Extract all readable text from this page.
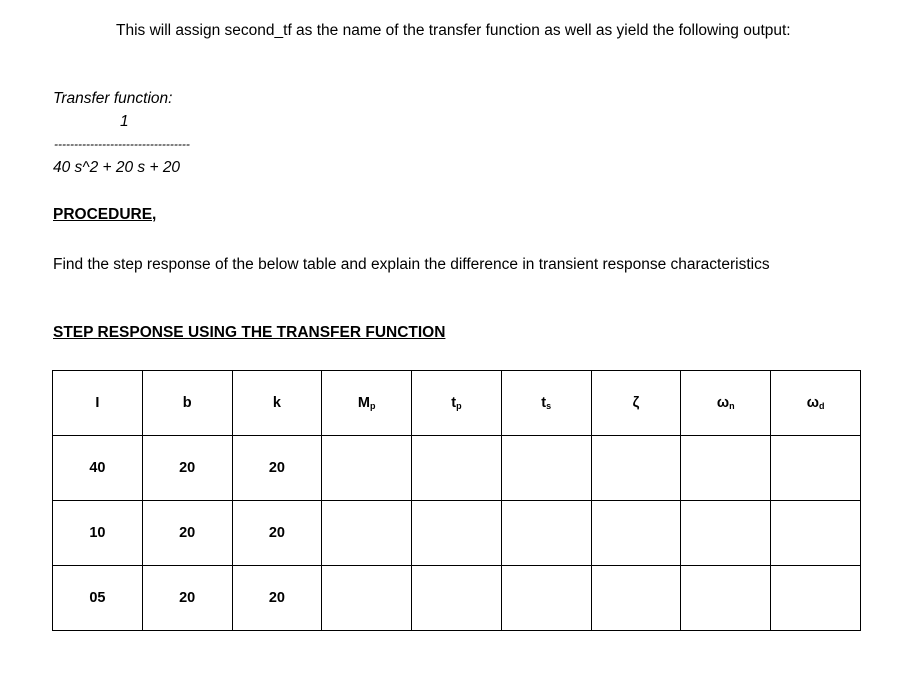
This will assign second_tf as the name of the transfer function as well as yield the following output:
Transfer function:
1
----------------------------------
40 s^2 + 20 s + 20
PROCEDURE,
Find the step response of the below table and explain the difference in transient response characteristics
STEP RESPONSE USING THE TRANSFER FUNCTION
I	b	k	$M_p$	$t_p$	$t_s$	ζ	$\omega_n$	$\omega_d$
40	20	20						
10	20	20						
05	20	20						
